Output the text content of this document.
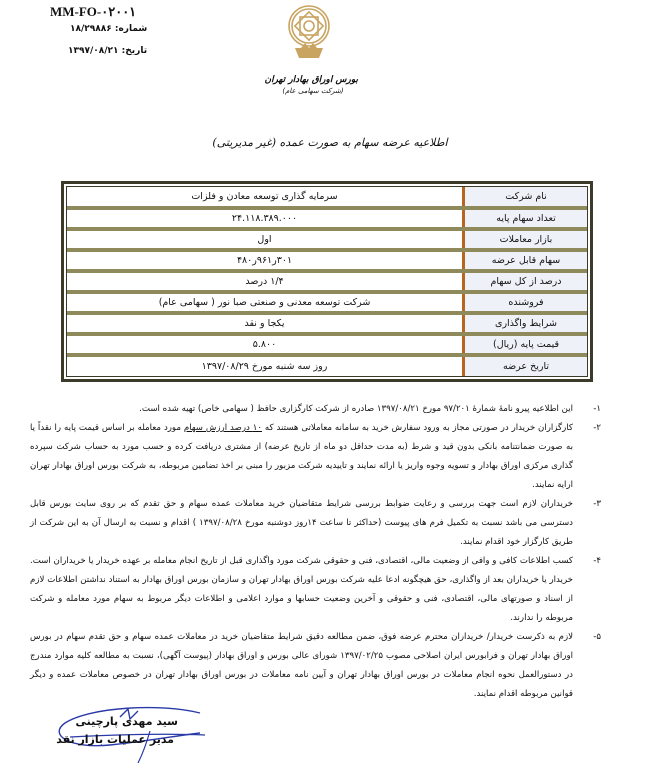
MM-FO-۰۲۰۰۱
شماره: ۱۸/۲۹۸۸۶
تاریخ: ۱۳۹۷/۰۸/۲۱
بورس اوراق بهادار تهران
(شرکت سهامی عام)
اطلاعیه عرضه سهام به صورت عمده (غیر مدیریتی)
نام شرکت	سرمایه گذاری توسعه معادن و فلزات
تعداد سهام پایه	۲۴.۱۱۸.۳۸۹.۰۰۰
بازار معاملات	اول
سهام قابل عرضه	۳۰۱ر۹۶۱ر۴۸۰
درصد از کل سهام	۱/۴ درصد
فروشنده	شرکت توسعه معدنی و صنعتی صبا نور ( سهامی عام)
شرایط واگذاری	یکجا و نقد
قیمت پایه (ریال)	۵.۸۰۰
تاریخ عرضه	روز سه شنبه مورخ ۱۳۹۷/۰۸/۲۹
۱-
این اطلاعیه پیرو نامهٔ شمارهٔ ۹۷/۲۰۱ مورخ ۱۳۹۷/۰۸/۲۱ صادره از شرکت کارگزاری حافظ ( سهامی خاص) تهیه شده است.
۲-
کارگزاران خریدار در صورتی مجاز به ورود سفارش خرید به سامانه معاملاتی هستند که ۱۰ درصد ارزش سهام مورد معامله بر اساس قیمت پایه را نقداً یا به صورت ضمانتنامه بانکی بدون قید و شرط (به مدت حداقل دو ماه از تاریخ عرضه) از مشتری دریافت کرده و حسب مورد به حساب شرکت سپرده گذاری مرکزی اوراق بهادار و تسویه وجوه واریز یا ارائه نمایند و تاییدیه شرکت مزبور را مبنی بر اخذ تضامین مربوطه، به شرکت بورس اوراق بهادار تهران ارایه نمایند.
۳-
خریداران لازم است جهت بررسی و رعایت ضوابط بررسی شرایط متقاضیان خرید معاملات عمده سهام و حق تقدم که بر روی سایت بورس قابل دسترسی می باشد نسبت به تکمیل فرم های پیوست (حداکثر تا ساعت ۱۴روز دوشنبه مورخ ۱۳۹۷/۰۸/۲۸ ) اقدام و نسبت به ارسال آن به این شرکت از طریق کارگزار خود اقدام نمایند.
۴-
کسب اطلاعات کافی و وافی از وضعیت مالی، اقتصادی، فنی و حقوقی شرکت مورد واگذاری قبل از تاریخ انجام معامله بر عهده خریدار یا خریداران است. خریدار یا خریداران بعد از واگذاری، حق هیچگونه ادعا علیه شرکت بورس اوراق بهادار تهران و سازمان بورس اوراق بهادار به استناد نداشتن اطلاعات لازم از اسناد و صورتهای مالی، اقتصادی، فنی و حقوقی و آخرین وضعیت حسابها و موارد اعلامی و اطلاعات دیگر مربوط به سهام مورد معامله و شرکت مربوطه را ندارند.
۵-
لازم به ذکرست خریدار/ خریداران محترم عرضه فوق، ضمن مطالعه دقیق شرایط متقاضیان خرید در معاملات عمده سهام و حق تقدم سهام در بورس اوراق بهادار تهران و فرابورس ایران اصلاحی مصوب ۱۳۹۷/۰۲/۲۵ شورای عالی بورس و اوراق بهادار (پیوست آگهی)، نسبت به مطالعه کلیه موارد مندرج در دستورالعمل نحوه انجام معاملات در بورس اوراق بهادار تهران و آیین نامه معاملات در بورس اوراق بهادار تهران در خصوص معاملات عمده و دیگر قوانین مربوطه اقدام نمایند.
سید مهدی پارچینی
مدیر عملیات بازار نقد
